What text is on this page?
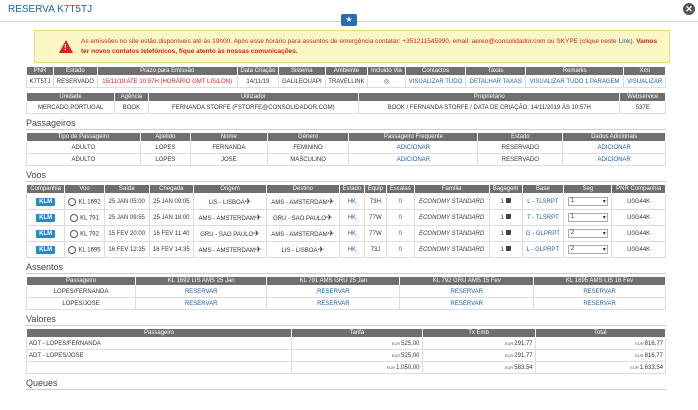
RESERVA K7T5TJ	✕
★
!
As emissões no site estão disponíveis até às 19h00. Após esse horário para assuntos de emergência contatar: +351211545990, email: aereo@consolidador.com ou SKYPE (clique neste Link). Vamos ter novos contatos telefónicos, fique atento às nossas comunicações.
PNR	Estado	Prazo para Emissão	Data Criação	Sistema	Ambiente	Incluido Via	Contactos	Taxas	Remarks	Xml
K7T5TJ	RESERVADO	15/11/19 ATE 10:57H (HORÁRIO GMT LIS/LON)	14/11/19	GALILEOUAPI	TRAVELLINK	◎	VISUALIZAR TUDO	DETALHAR TAXAS	VISUALIZAR TUDO 1 PARAGEM	VISUALIZAR
Unidade	Agência	Utilizador	Proprietário	Webservice
MERCADO PORTUGAL	BOOK	FERNANDA STORFE (FSTORFE@CONSOLIDADOR.COM)	BOOK / FERNANDA STORFE / DATA DE CRIAÇÃO: 14/11/2019 ÀS 10:57H	537E
Passageiros
Tipo de Passageiro	Apelido	Nome	Género	Passageiro Frequente	Estado	Dados Adicionais
ADULTO	LOPES	FERNANDA	FEMININO	ADICIONAR	RESERVADO	ADICIONAR
ADULTO	LOPES	JOSE	MASCULINO	ADICIONAR	RESERVADO	ADICIONAR
Voos
Companhia	Voo	Saída	Chegada	Origem	Destino	Estado	Equip	Escalas	Família	Bagagem	Base	Seg	PNR Companhia
KLM	KL 1692	25 JAN 05:00	25 JAN 09:05	LIS - LISBOA✈	AMS - AMSTERDAM✈	HK	73H	0	ECONOMY STANDARD	1	L - TLSRPT	1 ▾	U0G44K
KLM	KL 791	25 JAN 09:55	25 JAN 18:00	AMS - AMSTERDAM✈	GRU - SAO PAULO✈	HK	77W	0	ECONOMY STANDARD	1	T - TLSRPT	1 ▾	U0G44K
KLM	KL 792	15 FEV 20:00	16 FEV 11:40	GRU - SAO PAULO✈	AMS - AMSTERDAM✈	HK	77W	0	ECONOMY STANDARD	1	G - GLPRPT	2 ▾	U0G44K
KLM	KL 1695	16 FEV 12:35	16 FEV 14:35	AMS - AMSTERDAM✈	LIS - LISBOA✈	HK	73J	0	ECONOMY STANDARD	1	L - GLPRPT	2 ▾	U0G44K
Assentos
Passageiro	KL 1692 LIS AMS 25 Jan	KL 791 AMS GRU 25 Jan	KL 792 GRU AMS 15 Fev	KL 1695 AMS LIS 16 Fev
LOPES/FERNANDA	RESERVAR	RESERVAR	RESERVAR	RESERVAR
LOPES/JOSE	RESERVAR	RESERVAR	RESERVAR	RESERVAR
Valores
Passageiro	Tarifa	Tx Emb	Total
ADT - LOPES/FERNANDA	EUR525,00	EUR291,77	EUR816,77
ADT - LOPES/JOSE	EUR525,00	EUR291,77	EUR816,77
	EUR1.050,00	EUR583,54	EUR1.633,54
Queues
